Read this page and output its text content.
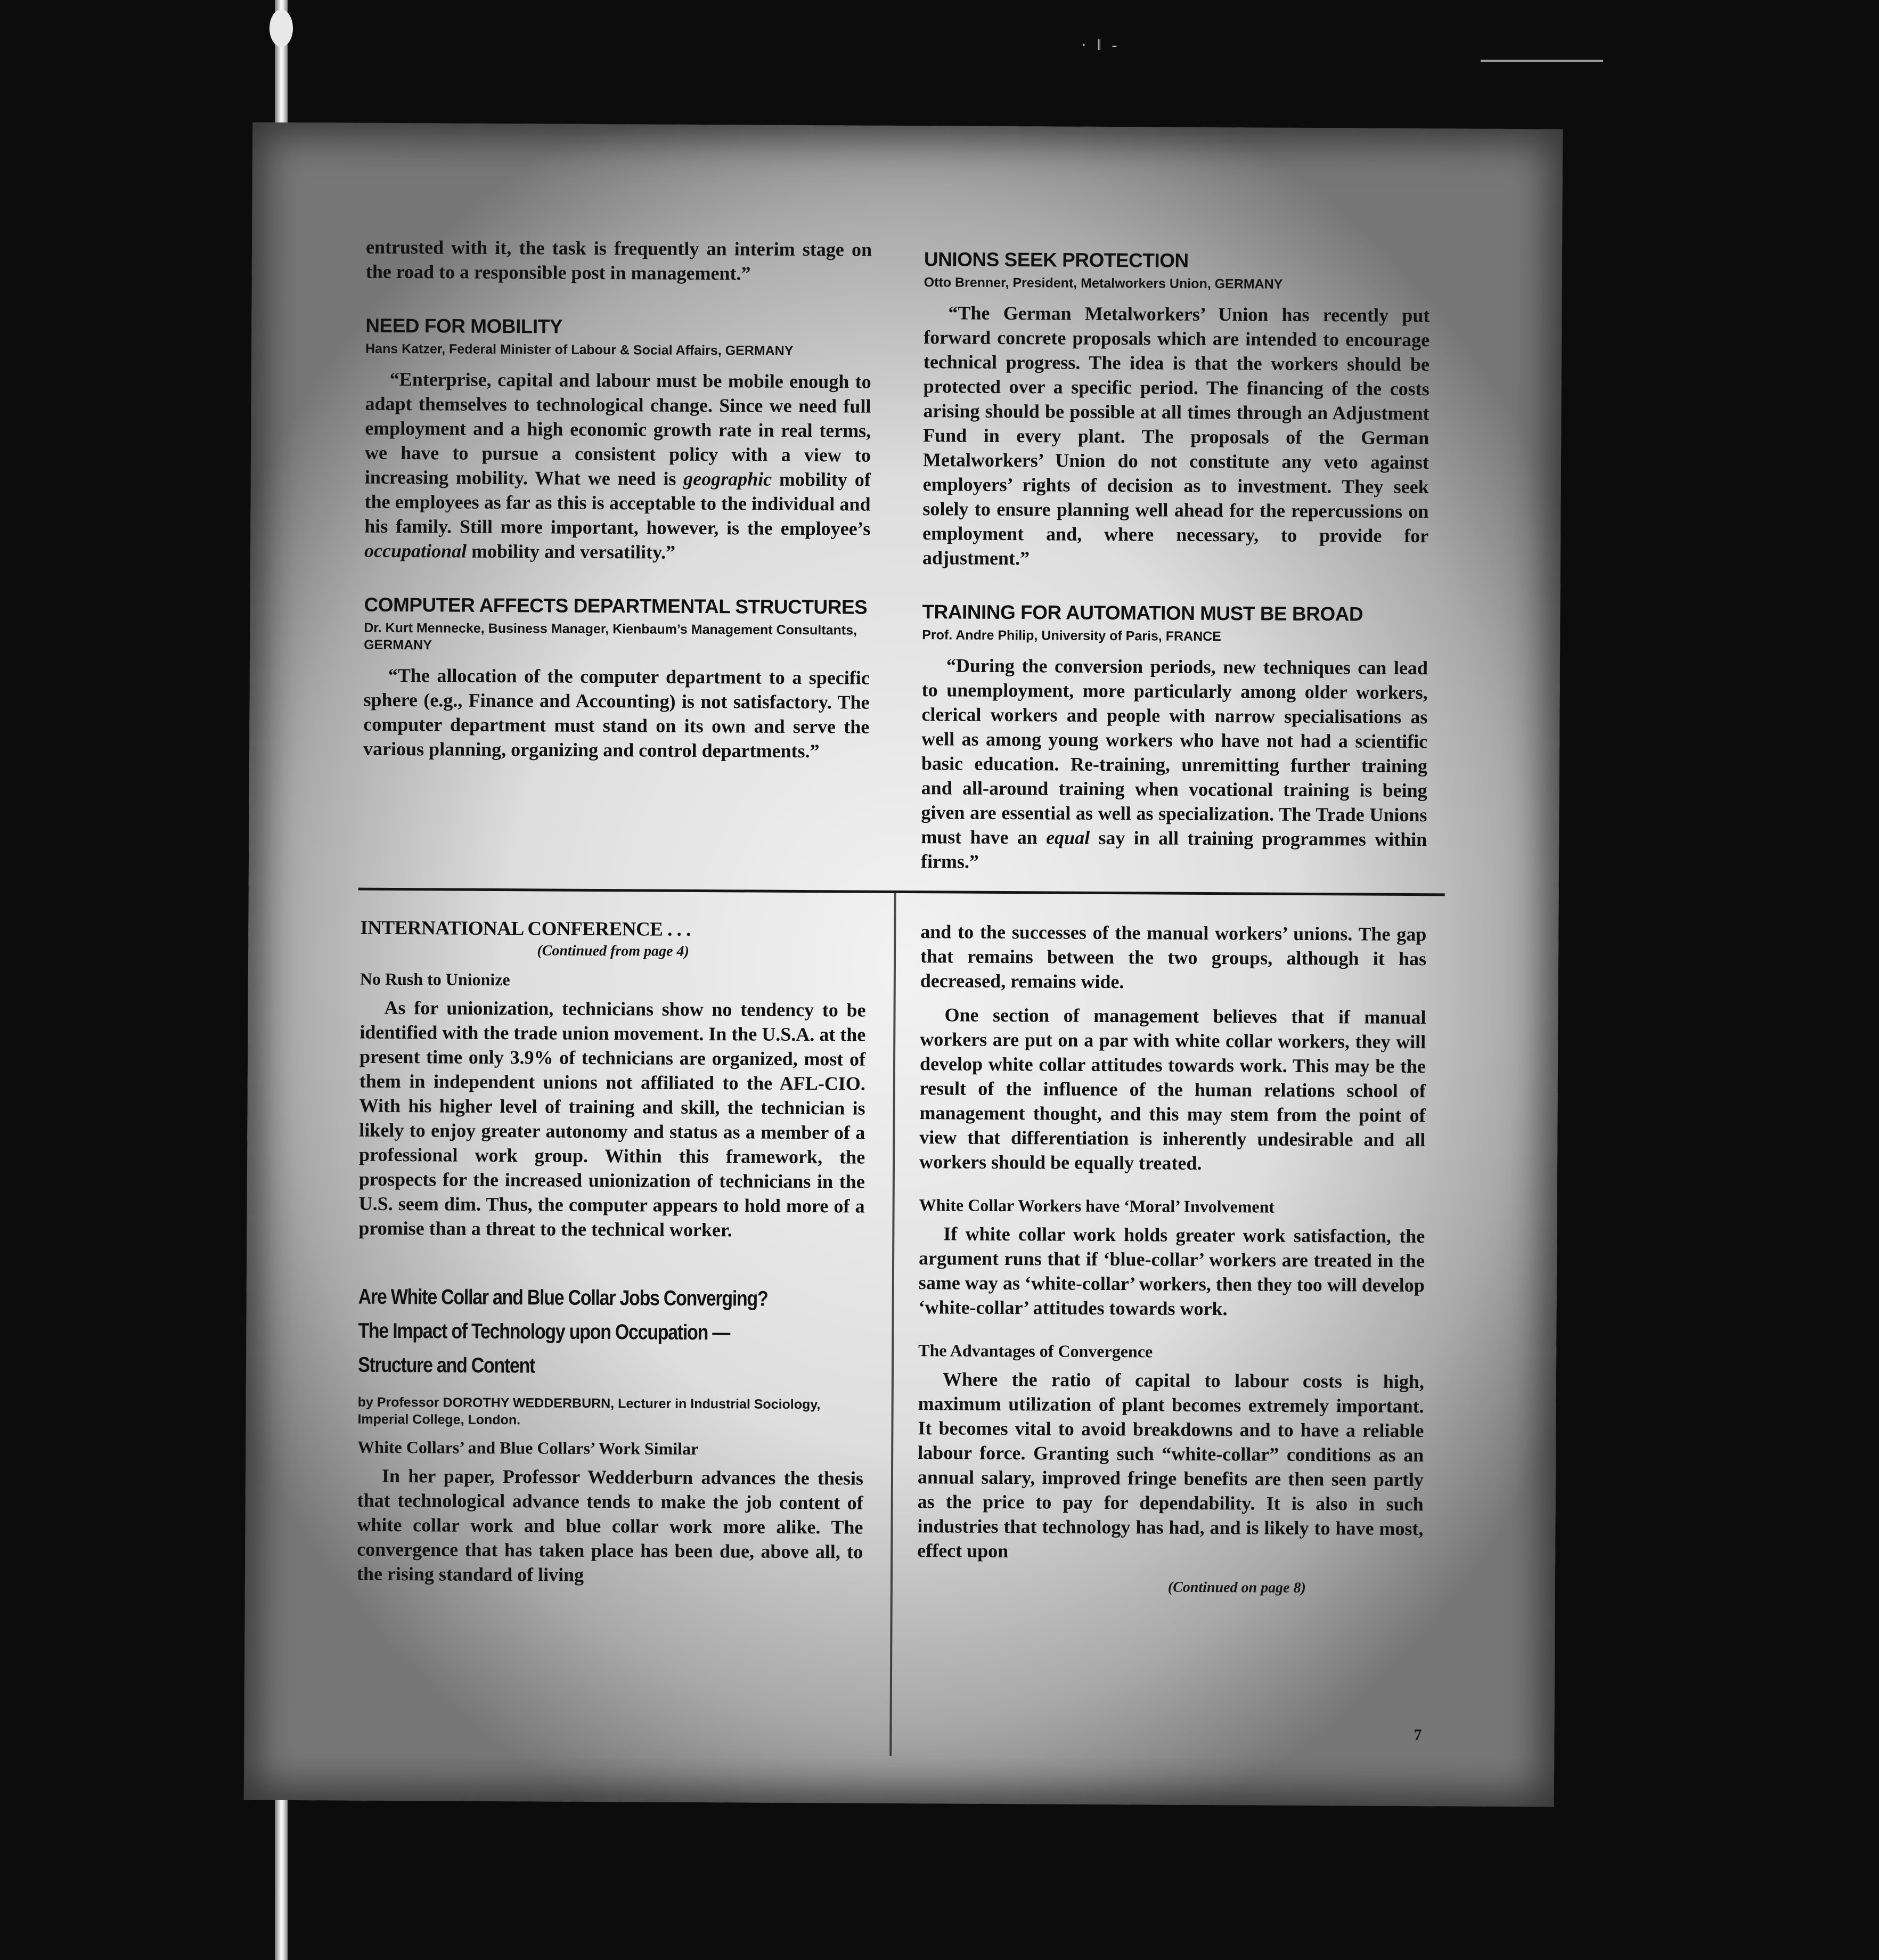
· ǁ -

entrusted with it, the task is frequently an interim stage on the road to a responsible post in management.”

NEED FOR MOBILITY
Hans Katzer, Federal Minister of Labour & Social Affairs, GERMANY

“Enterprise, capital and labour must be mobile enough to adapt themselves to technological change. Since we need full employment and a high economic growth rate in real terms, we have to pursue a consistent policy with a view to increasing mobility. What we need is geographic mobility of the employees as far as this is acceptable to the individual and his family. Still more important, however, is the employee’s occupational mobility and versatility.”

COMPUTER AFFECTS DEPARTMENTAL STRUCTURES
Dr. Kurt Mennecke, Business Manager, Kienbaum’s Management Consultants, GERMANY

“The allocation of the computer department to a specific sphere (e.g., Finance and Accounting) is not satisfactory. The computer department must stand on its own and serve the various planning, organizing and control departments.”

UNIONS SEEK PROTECTION
Otto Brenner, President, Metalworkers Union, GERMANY

“The German Metalworkers’ Union has recently put forward concrete proposals which are intended to encourage technical progress. The idea is that the workers should be protected over a specific period. The financing of the costs arising should be possible at all times through an Adjustment Fund in every plant. The proposals of the German Metalworkers’ Union do not constitute any veto against employers’ rights of decision as to investment. They seek solely to ensure planning well ahead for the repercussions on employment and, where necessary, to provide for adjustment.”

TRAINING FOR AUTOMATION MUST BE BROAD
Prof. Andre Philip, University of Paris, FRANCE

“During the conversion periods, new techniques can lead to unemployment, more particularly among older workers, clerical workers and people with narrow specialisations as well as among young workers who have not had a scientific basic education. Re-training, unremitting further training and all-around training when vocational training is being given are essential as well as specialization. The Trade Unions must have an equal say in all training programmes within firms.”

INTERNATIONAL CONFERENCE . . .
(Continued from page 4)
No Rush to Unionize

As for unionization, technicians show no tendency to be identified with the trade union movement. In the U.S.A. at the present time only 3.9% of technicians are organized, most of them in independent unions not affiliated to the AFL-CIO. With his higher level of training and skill, the technician is likely to enjoy greater autonomy and status as a member of a professional work group. Within this framework, the prospects for the increased unionization of technicians in the U.S. seem dim. Thus, the computer appears to hold more of a promise than a threat to the technical worker.

Are White Collar and Blue Collar Jobs Converging?
The Impact of Technology upon Occupation —
Structure and Content
by Professor DOROTHY WEDDERBURN, Lecturer in Industrial Sociology, Imperial College, London.
White Collars’ and Blue Collars’ Work Similar

In her paper, Professor Wedderburn advances the thesis that technological advance tends to make the job content of white collar work and blue collar work more alike. The convergence that has taken place has been due, above all, to the rising standard of living

and to the successes of the manual workers’ unions. The gap that remains between the two groups, although it has decreased, remains wide.

One section of management believes that if manual workers are put on a par with white collar workers, they will develop white collar attitudes towards work. This may be the result of the influence of the human relations school of management thought, and this may stem from the point of view that differentiation is inherently undesirable and all workers should be equally treated.

White Collar Workers have ‘Moral’ Involvement

If white collar work holds greater work satisfaction, the argument runs that if ‘blue-collar’ workers are treated in the same way as ‘white-collar’ workers, then they too will develop ‘white-collar’ attitudes towards work.

The Advantages of Convergence

Where the ratio of capital to labour costs is high, maximum utilization of plant becomes extremely important. It becomes vital to avoid breakdowns and to have a reliable labour force. Granting such “white-collar” conditions as an annual salary, improved fringe benefits are then seen partly as the price to pay for dependability. It is also in such industries that technology has had, and is likely to have most, effect upon

(Continued on page 8)
7
